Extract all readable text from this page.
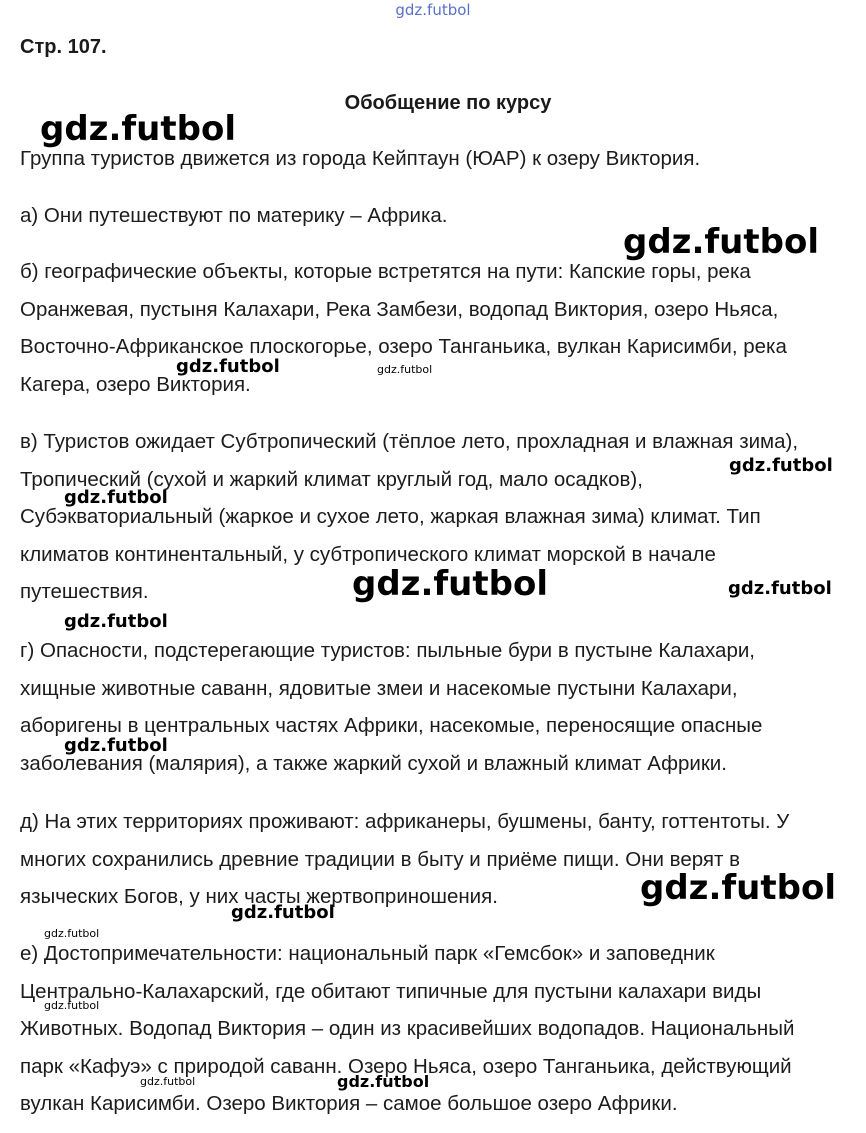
gdz.futbol
Стр. 107.
Обобщение по курсу

Группа туристов движется из города Кейптаун (ЮАР) к озеру Виктория.

а) Они путешествуют по материку – Африка.

б) географические объекты, которые встретятся на пути: Капские горы, река
Оранжевая, пустыня Калахари, Река Замбези, водопад Виктория, озеро Ньяса,
Восточно-Африканское плоскогорье, озеро Танганьика, вулкан Карисимби, река
Кагера, озеро Виктория.

в) Туристов ожидает Субтропический (тёплое лето, прохладная и влажная зима),
Тропический (сухой и жаркий климат круглый год, мало осадков),
Субэкваториальный (жаркое и сухое лето, жаркая влажная зима) климат. Тип
климатов континентальный, у субтропического климат морской в начале
путешествия.

г) Опасности, подстерегающие туристов: пыльные бури в пустыне Калахари,
хищные животные саванн, ядовитые змеи и насекомые пустыни Калахари,
аборигены в центральных частях Африки, насекомые, переносящие опасные
заболевания (малярия), а также жаркий сухой и влажный климат Африки.

д) На этих территориях проживают: африканеры, бушмены, банту, готтентоты. У
многих сохранились древние традиции в быту и приёме пищи. Они верят в
языческих Богов, у них часты жертвоприношения.

е) Достопримечательности: национальный парк «Гемсбок» и заповедник
Центрально-Калахарский, где обитают типичные для пустыни калахари виды
Животных. Водопад Виктория – один из красивейших водопадов. Национальный
парк «Кафуэ» с природой саванн. Озеро Ньяса, озеро Танганьика, действующий
вулкан Карисимби. Озеро Виктория – самое большое озеро Африки.

gdz.futbol
gdz.futbol
gdz.futbol	gdz.futbol
gdz.futbol
gdz.futbol
gdz.futbol	gdz.futbol
gdz.futbol
gdz.futbol
gdz.futbol
gdz.futbol
gdz.futbol
gdz.futbol
gdz.futbol	gdz.futbol
